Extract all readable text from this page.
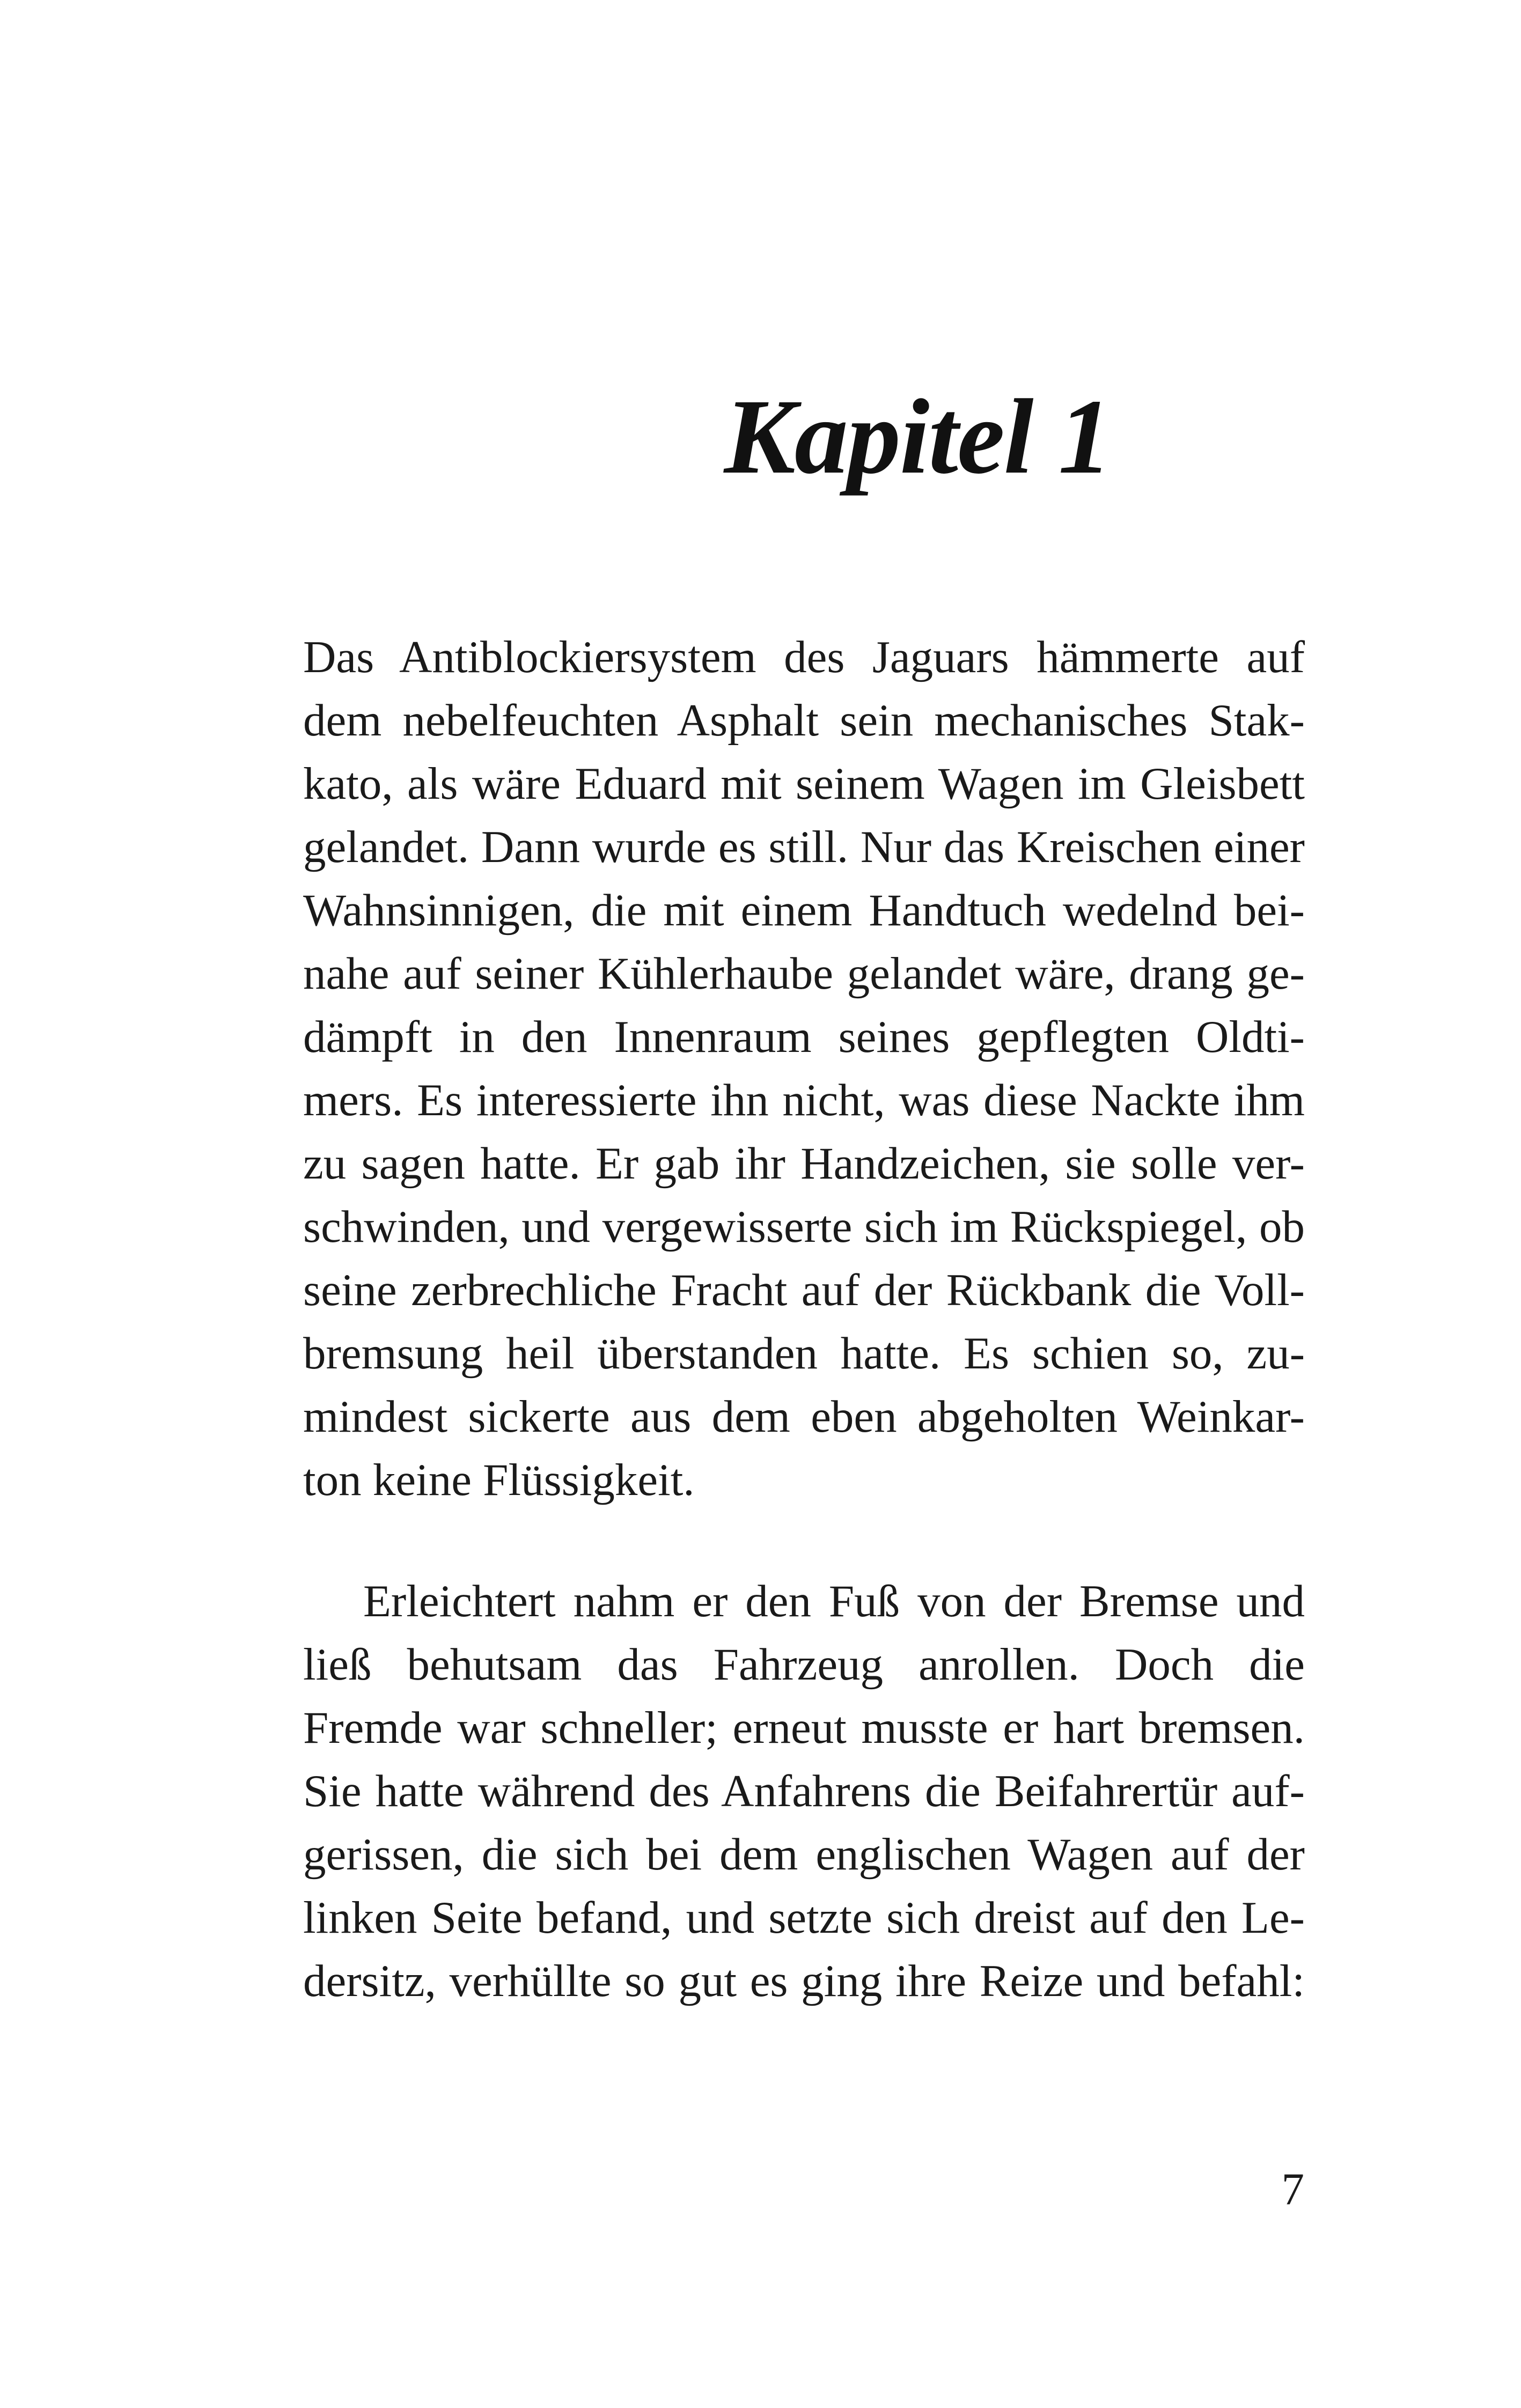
Kapitel 1
Das Antiblockiersystem des Jaguars hämmerte auf
dem nebelfeuchten Asphalt sein mechanisches Stak-
kato, als wäre Eduard mit seinem Wagen im Gleisbett
gelandet. Dann wurde es still. Nur das Kreischen einer
Wahnsinnigen, die mit einem Handtuch wedelnd bei-
nahe auf seiner Kühlerhaube gelandet wäre, drang ge-
dämpft in den Innenraum seines gepflegten Oldti-
mers. Es interessierte ihn nicht, was diese Nackte ihm
zu sagen hatte. Er gab ihr Handzeichen, sie solle ver-
schwinden, und vergewisserte sich im Rückspiegel, ob
seine zerbrechliche Fracht auf der Rückbank die Voll-
bremsung heil überstanden hatte. Es schien so, zu-
mindest sickerte aus dem eben abgeholten Weinkar-
ton keine Flüssigkeit.
Erleichtert nahm er den Fuß von der Bremse und
ließ behutsam das Fahrzeug anrollen. Doch die
Fremde war schneller; erneut musste er hart bremsen.
Sie hatte während des Anfahrens die Beifahrertür auf-
gerissen, die sich bei dem englischen Wagen auf der
linken Seite befand, und setzte sich dreist auf den Le-
dersitz, verhüllte so gut es ging ihre Reize und befahl:
7
